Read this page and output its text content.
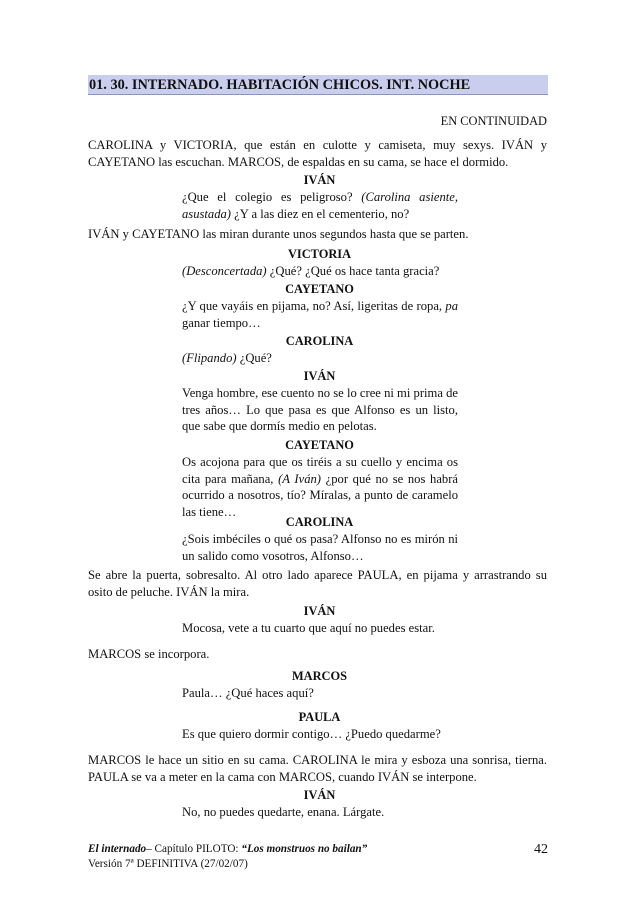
01. 30. INTERNADO. HABITACIÓN CHICOS. INT. NOCHE
EN CONTINUIDAD

CAROLINA y VICTORIA, que están en culotte y camiseta, muy sexys. IVÁN y CAYETANO las escuchan. MARCOS, de espaldas en su cama, se hace el dormido.

IVÁN

¿Que el colegio es peligroso? (Carolina asiente, asustada) ¿Y a las diez en el cementerio, no?

IVÁN y CAYETANO las miran durante unos segundos hasta que se parten.

VICTORIA

(Desconcertada) ¿Qué? ¿Qué os hace tanta gracia?

CAYETANO

¿Y que vayáis en pijama, no? Así, ligeritas de ropa, pa ganar tiempo…

CAROLINA

(Flipando) ¿Qué?

IVÁN

Venga hombre, ese cuento no se lo cree ni mi prima de tres años… Lo que pasa es que Alfonso es un listo, que sabe que dormís medio en pelotas.

CAYETANO

Os acojona para que os tiréis a su cuello y encima os cita para mañana, (A Iván) ¿por qué no se nos habrá ocurrido a nosotros, tío? Míralas, a punto de caramelo las tiene…

CAROLINA

¿Sois imbéciles o qué os pasa? Alfonso no es mirón ni un salido como vosotros, Alfonso…

Se abre la puerta, sobresalto. Al otro lado aparece PAULA, en pijama y arrastrando su osito de peluche. IVÁN la mira.

IVÁN

Mocosa, vete a tu cuarto que aquí no puedes estar.

MARCOS se incorpora.

MARCOS

Paula… ¿Qué haces aquí?

PAULA

Es que quiero dormir contigo… ¿Puedo quedarme?

MARCOS le hace un sitio en su cama. CAROLINA le mira y esboza una sonrisa, tierna. PAULA se va a meter en la cama con MARCOS, cuando IVÁN se interpone.

IVÁN

No, no puedes quedarte, enana. Lárgate.

El internado– Capítulo PILOTO: “Los monstruos no bailan”
Versión 7ª DEFINITIVA (27/02/07)
42
